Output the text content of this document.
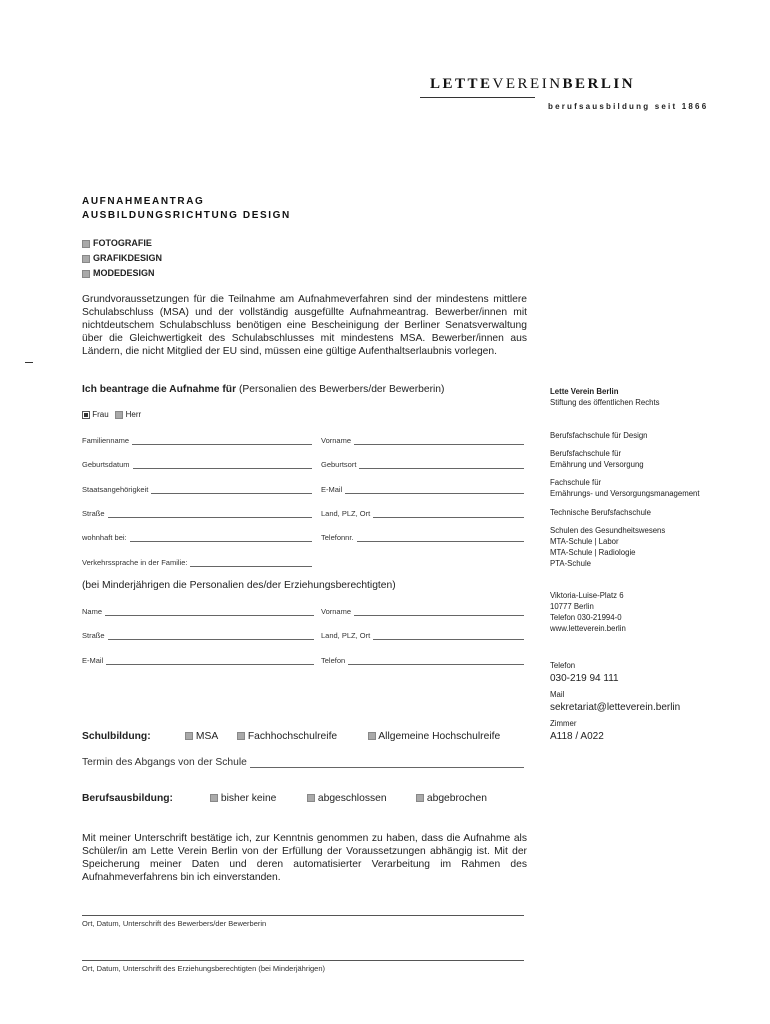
LETTEVEREINBERLIN
berufsausbildung seit 1866
AUFNAHMEANTRAG
AUSBILDUNGSRICHTUNG DESIGN
FOTOGRAFIE
GRAFIKDESIGN
MODEDESIGN
Grundvoraussetzungen für die Teilnahme am Aufnahmeverfahren sind der mindestens mittlere Schulabschluss (MSA) und der vollständig ausgefüllte Aufnahmeantrag. Bewerber/innen mit nichtdeutschem Schulabschluss benötigen eine Bescheinigung der Berliner Senatsverwaltung über die Gleichwertigkeit des Schulabschlusses mit mindestens MSA. Bewerber/innen aus Ländern, die nicht Mitglied der EU sind, müssen eine gültige Aufenthaltserlaubnis vorlegen.
Ich beantrage die Aufnahme für (Personalien des Bewerbers/der Bewerberin)
Frau Herr
Familienname	Vorname
Geburtsdatum	Geburtsort
Staatsangehörigkeit	E-Mail
Straße	Land, PLZ, Ort
wohnhaft bei:	Telefonnr.
Verkehrssprache in der Familie:
(bei Minderjährigen die Personalien des/der Erziehungsberechtigten)
Name	Vorname
Straße	Land, PLZ, Ort
E-Mail	Telefon
Schulbildung:	MSA	Fachhochschulreife	Allgemeine Hochschulreife
Termin des Abgangs von der Schule
Berufsausbildung:	bisher keine	abgeschlossen	abgebrochen
Mit meiner Unterschrift bestätige ich, zur Kenntnis genommen zu haben, dass die Aufnahme als Schüler/in am Lette Verein Berlin von der Erfüllung der Voraussetzungen abhängig ist. Mit der Speicherung meiner Daten und deren automatisierter Verarbeitung im Rahmen des Aufnahmeverfahrens bin ich einverstanden.
Ort, Datum, Unterschrift des Bewerbers/der Bewerberin
Ort, Datum, Unterschrift des Erziehungsberechtigten (bei Minderjährigen)
Lette Verein Berlin
Stiftung des öffentlichen Rechts
Berufsfachschule für Design
Berufsfachschule für
Ernährung und Versorgung
Fachschule für
Ernährungs- und Versorgungsmanagement
Technische Berufsfachschule
Schulen des Gesundheitswesens
MTA-Schule | Labor
MTA-Schule | Radiologie
PTA-Schule
Viktoria-Luise-Platz 6
10777 Berlin
Telefon 030-21994-0
www.letteverein.berlin
Telefon
030-219 94 111
Mail
sekretariat@letteverein.berlin
Zimmer
A118 / A022
